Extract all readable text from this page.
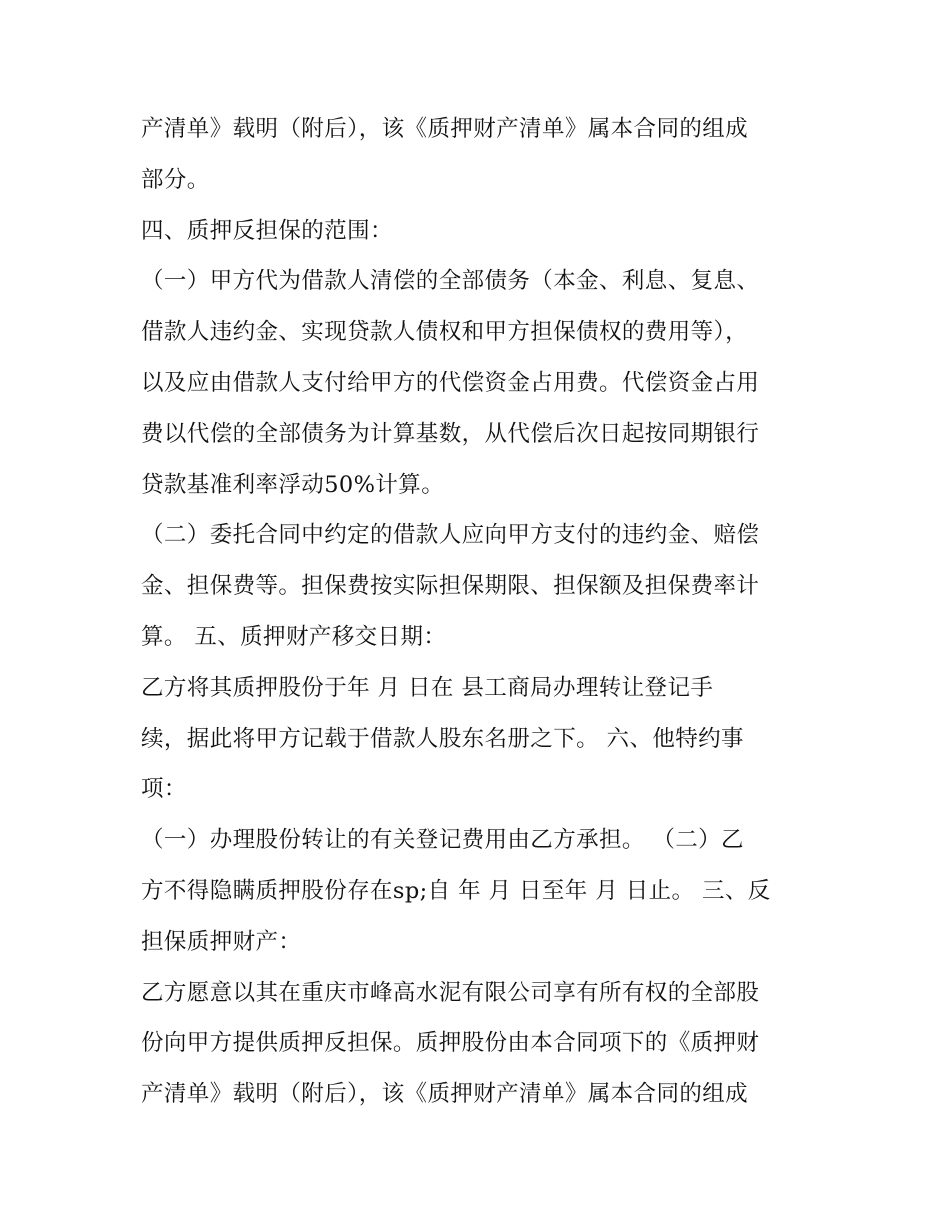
产清单》载明（附后），该《质押财产清单》属本合同的组成
部分。
四、质押反担保的范围：
（一）甲方代为借款人清偿的全部债务（本金、利息、复息、
借款人违约金、实现贷款人债权和甲方担保债权的费用等），
以及应由借款人支付给甲方的代偿资金占用费。代偿资金占用
费以代偿的全部债务为计算基数，从代偿后次日起按同期银行
贷款基准利率浮动50%计算。
（二）委托合同中约定的借款人应向甲方支付的违约金、赔偿
金、担保费等。担保费按实际担保期限、担保额及担保费率计
算。 五、质押财产移交日期：
乙方将其质押股份于年 月 日在 县工商局办理转让登记手
续，据此将甲方记载于借款人股东名册之下。 六、他特约事
项：
（一）办理股份转让的有关登记费用由乙方承担。 （二）乙
方不得隐瞒质押股份存在sp;自 年 月 日至年 月 日止。 三、反
担保质押财产：
乙方愿意以其在重庆市峰高水泥有限公司享有所有权的全部股
份向甲方提供质押反担保。质押股份由本合同项下的《质押财
产清单》载明（附后），该《质押财产清单》属本合同的组成
